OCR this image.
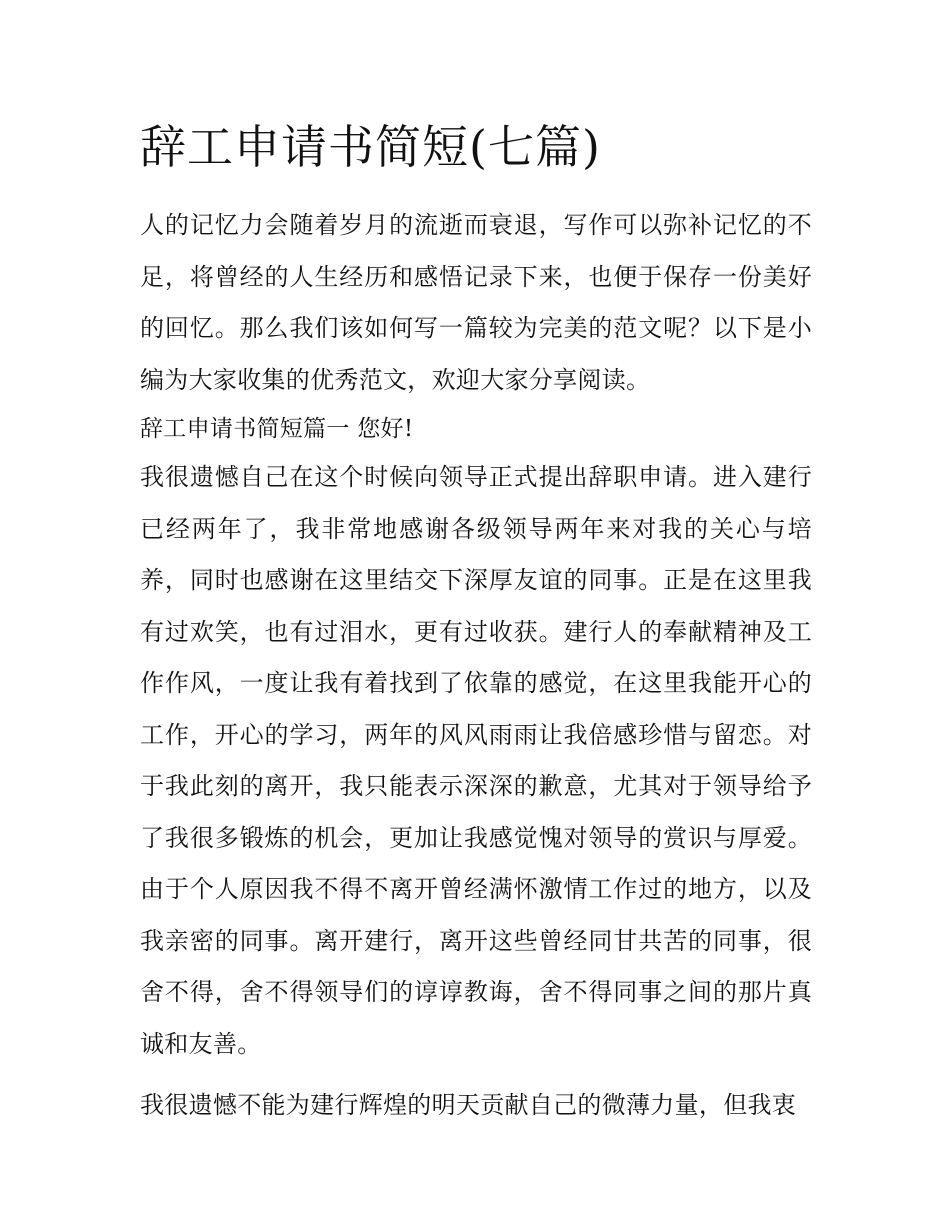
辞工申请书简短(七篇)

人的记忆力会随着岁月的流逝而衰退，写作可以弥补记忆的不足，将曾经的人生经历和感悟记录下来，也便于保存一份美好的回忆。那么我们该如何写一篇较为完美的范文呢？以下是小编为大家收集的优秀范文，欢迎大家分享阅读。

辞工申请书简短篇一 您好!

我很遗憾自己在这个时候向领导正式提出辞职申请。进入建行已经两年了，我非常地感谢各级领导两年来对我的关心与培养，同时也感谢在这里结交下深厚友谊的同事。正是在这里我有过欢笑，也有过泪水，更有过收获。建行人的奉献精神及工作作风，一度让我有着找到了依靠的感觉，在这里我能开心的工作，开心的学习，两年的风风雨雨让我倍感珍惜与留恋。对于我此刻的离开，我只能表示深深的歉意，尤其对于领导给予了我很多锻炼的机会，更加让我感觉愧对领导的赏识与厚爱。由于个人原因我不得不离开曾经满怀激情工作过的地方，以及我亲密的同事。离开建行，离开这些曾经同甘共苦的同事，很舍不得，舍不得领导们的谆谆教诲，舍不得同事之间的那片真诚和友善。

我很遗憾不能为建行辉煌的明天贡献自己的微薄力量，但我衷
